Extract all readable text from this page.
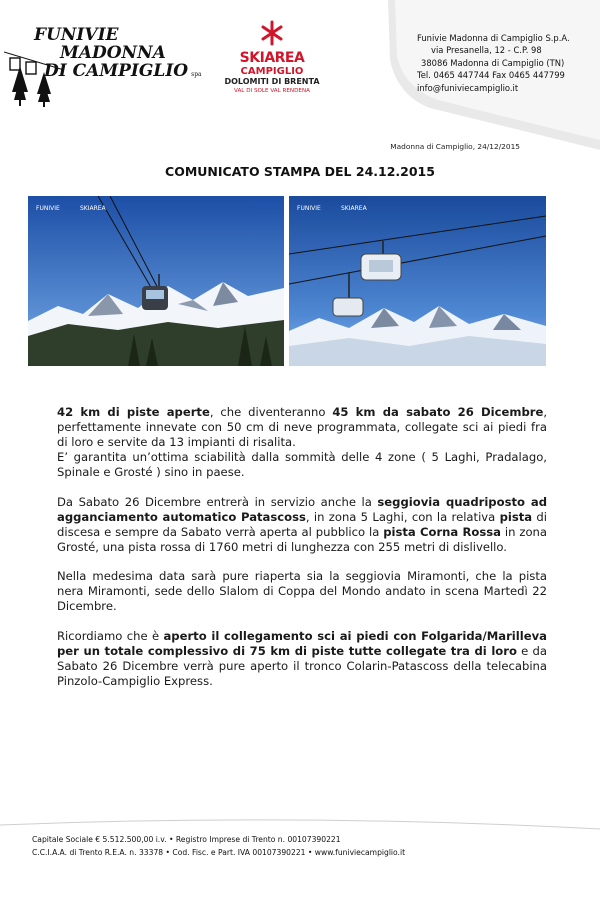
FUNIVIE
MADONNA
DI CAMPIGLIO spa
SKIAREA
CAMPIGLIO
DOLOMITI DI BRENTA
VAL DI SOLE VAL RENDENA
Funivie Madonna di Campiglio S.p.A.
via Presanella, 12 - C.P. 98
38086 Madonna di Campiglio (TN)
Tel. 0465 447744 Fax 0465 447799
info@funiviecampiglio.it
Madonna di Campiglio, 24/12/2015
COMUNICATO STAMPA DEL 24.12.2015
FUNIVIE	SKIAREA	FUNIVIE	SKIAREA

42 km di piste aperte, che diventeranno 45 km da sabato 26 Dicembre, perfettamente innevate con 50 cm di neve programmata, collegate sci ai piedi fra di loro e servite da 13 impianti di risalita.
E’ garantita un’ottima sciabilità dalla sommità delle 4 zone ( 5 Laghi, Pradalago, Spinale e Grosté ) sino in paese.

Da Sabato 26 Dicembre entrerà in servizio anche la seggiovia quadriposto ad agganciamento automatico Patascoss, in zona 5 Laghi, con la relativa pista di discesa e sempre da Sabato verrà aperta al pubblico la pista Corna Rossa in zona Grosté, una pista rossa di 1760 metri di lunghezza con 255 metri di dislivello.

Nella medesima data sarà pure riaperta sia la seggiovia Miramonti, che la pista nera Miramonti, sede dello Slalom di Coppa del Mondo andato in scena Martedì 22 Dicembre.

Ricordiamo che è aperto il collegamento sci ai piedi con Folgarida/Marilleva per un totale complessivo di 75 km di piste tutte collegate tra di loro e da Sabato 26 Dicembre verrà pure aperto il tronco Colarin-Patascoss della telecabina Pinzolo-Campiglio Express.

Capitale Sociale € 5.512.500,00 i.v. • Registro Imprese di Trento n. 00107390221
C.C.I.A.A. di Trento R.E.A. n. 33378 • Cod. Fisc. e Part. IVA 00107390221 • www.funiviecampiglio.it
